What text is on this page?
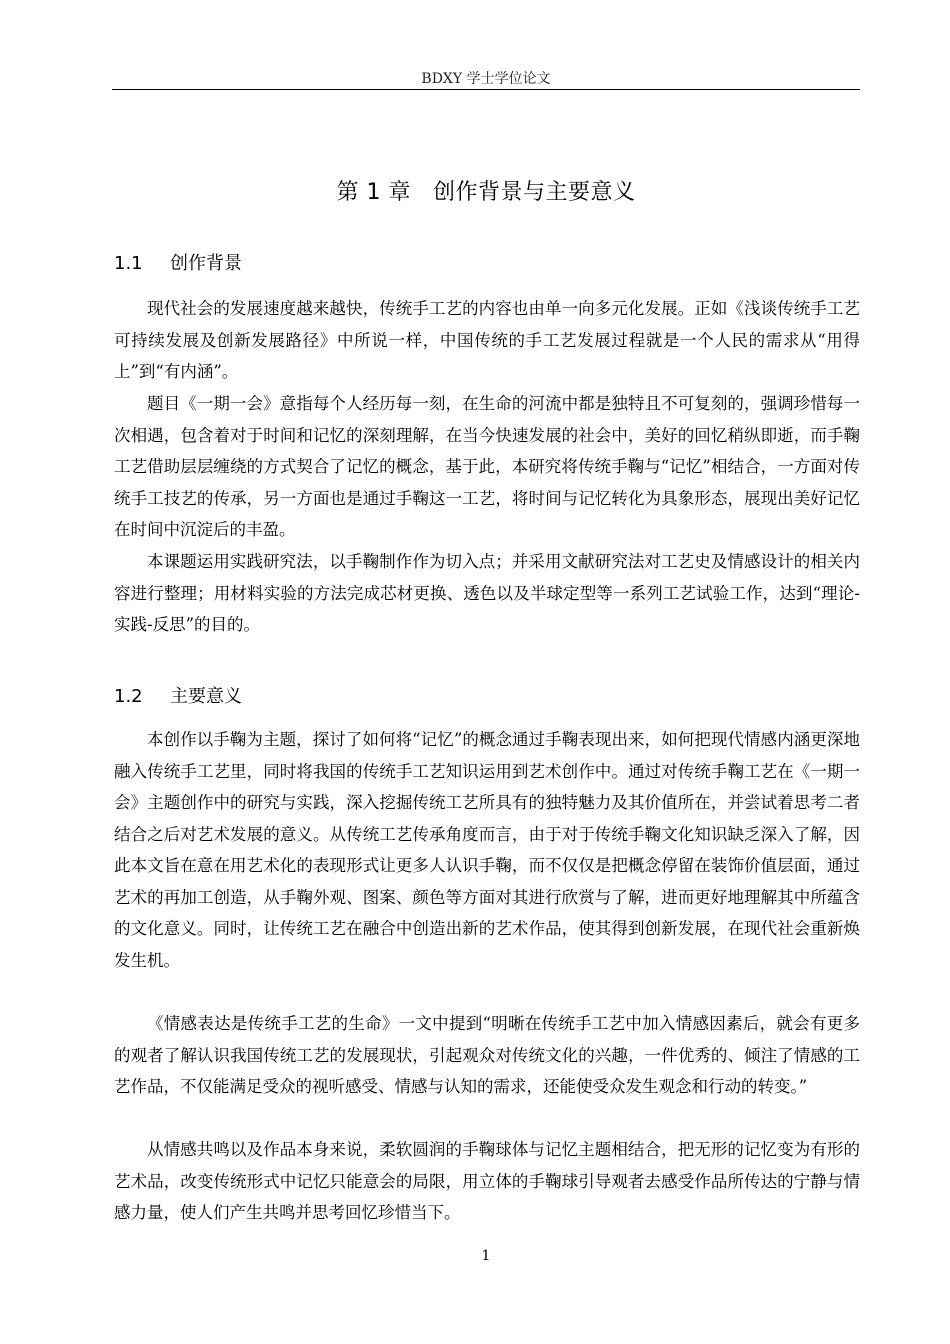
BDXY 学士学位论文
第 1 章 创作背景与主要意义
1.1 创作背景

现代社会的发展速度越来越快，传统手工艺的内容也由单一向多元化发展。正如《浅谈传统手工艺可持续发展及创新发展路径》中所说一样，中国传统的手工艺发展过程就是一个人民的需求从“用得上”到“有内涵”。

题目《一期一会》意指每个人经历每一刻，在生命的河流中都是独特且不可复刻的，强调珍惜每一次相遇，包含着对于时间和记忆的深刻理解，在当今快速发展的社会中，美好的回忆稍纵即逝，而手鞠工艺借助层层缠绕的方式契合了记忆的概念，基于此，本研究将传统手鞠与“记忆”相结合，一方面对传统手工技艺的传承，另一方面也是通过手鞠这一工艺，将时间与记忆转化为具象形态，展现出美好记忆在时间中沉淀后的丰盈。

本课题运用实践研究法，以手鞠制作作为切入点；并采用文献研究法对工艺史及情感设计的相关内容进行整理；用材料实验的方法完成芯材更换、透色以及半球定型等一系列工艺试验工作，达到“理论-实践-反思”的目的。

1.2 主要意义

本创作以手鞠为主题，探讨了如何将“记忆”的概念通过手鞠表现出来，如何把现代情感内涵更深地融入传统手工艺里，同时将我国的传统手工艺知识运用到艺术创作中。通过对传统手鞠工艺在《一期一会》主题创作中的研究与实践，深入挖掘传统工艺所具有的独特魅力及其价值所在，并尝试着思考二者结合之后对艺术发展的意义。从传统工艺传承角度而言，由于对于传统手鞠文化知识缺乏深入了解，因此本文旨在意在用艺术化的表现形式让更多人认识手鞠，而不仅仅是把概念停留在装饰价值层面，通过艺术的再加工创造，从手鞠外观、图案、颜色等方面对其进行欣赏与了解，进而更好地理解其中所蕴含的文化意义。同时，让传统工艺在融合中创造出新的艺术作品，使其得到创新发展，在现代社会重新焕发生机。

《情感表达是传统手工艺的生命》一文中提到“明晰在传统手工艺中加入情感因素后，就会有更多的观者了解认识我国传统工艺的发展现状，引起观众对传统文化的兴趣，一件优秀的、倾注了情感的工艺作品，不仅能满足受众的视听感受、情感与认知的需求，还能使受众发生观念和行动的转变。”

从情感共鸣以及作品本身来说，柔软圆润的手鞠球体与记忆主题相结合，把无形的记忆变为有形的艺术品，改变传统形式中记忆只能意会的局限，用立体的手鞠球引导观者去感受作品所传达的宁静与情感力量，使人们产生共鸣并思考回忆珍惜当下。

1
